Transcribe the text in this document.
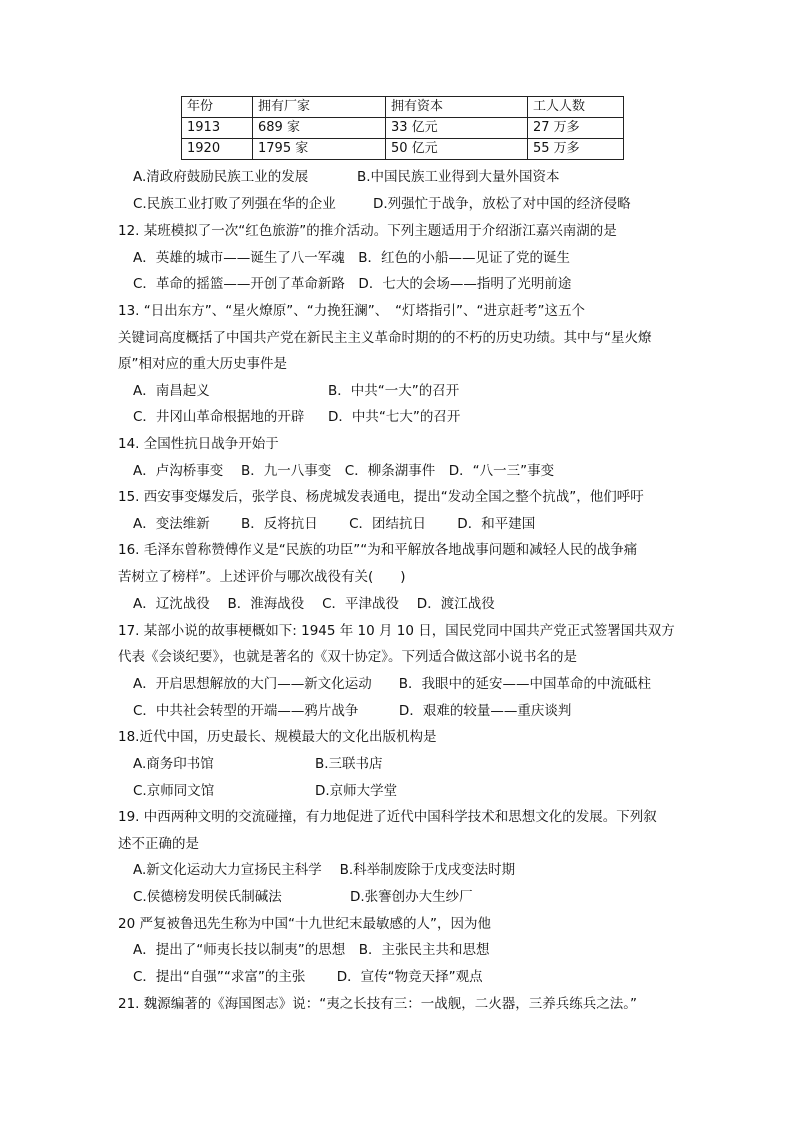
年份	拥有厂家	拥有资本	工人人数
1913	689 家	33 亿元	27 万多
1920	1795 家	50 亿元	55 万多
A.清政府鼓励民族工业的发展	B.中国民族工业得到大量外国资本
C.民族工业打败了列强在华的企业	D.列强忙于战争，放松了对中国的经济侵略
12. 某班模拟了一次“红色旅游”的推介活动。下列主题适用于介绍浙江嘉兴南湖的是
A．英雄的城市——诞生了八一军魂　B．红色的小船——见证了党的诞生
C．革命的摇篮——开创了革命新路　D．七大的会场——指明了光明前途
13. “日出东方”、“星火燎原”、“力挽狂澜”、　“灯塔指引”、“进京赶考”这五个
关键词高度概括了中国共产党在新民主主义革命时期的的不朽的历史功绩。其中与“星火燎
原”相对应的重大历史事件是
A．南昌起义	B．中共“一大”的召开
C．井冈山革命根据地的开辟 D．中共“七大”的召开
14. 全国性抗日战争开始于
A．卢沟桥事变　 B．九一八事变　C．柳条湖事件　D．“八一三”事变
15. 西安事变爆发后，张学良、杨虎城发表通电，提出“发动全国之整个抗战”，他们呼吁
A．变法维新　　 B．反将抗日　　 C．团结抗日　　 D．和平建国
16. 毛泽东曾称赞傅作义是“民族的功臣”“为和平解放各地战事问题和减轻人民的战争痛
苦树立了榜样”。上述评价与哪次战役有关(　　)
A．辽沈战役　 B．淮海战役　 C．平津战役　 D．渡江战役
17. 某部小说的故事梗概如下: 1945 年 10 月 10 日，国民党同中国共产党正式签署国共双方
代表《会谈纪要》，也就是著名的《双十协定》。下列适合做这部小说书名的是
A．开启思想解放的大门——新文化运动　　B．我眼中的延安——中国革命的中流砥柱
C．中共社会转型的开端——鸦片战争　　　D．艰难的较量——重庆谈判
18.近代中国，历史最长、规模最大的文化出版机构是
A.商务印书馆	B.三联书店
C.京师同文馆	D.京师大学堂
19. 中西两种文明的交流碰撞，有力地促进了近代中国科学技术和思想文化的发展。下列叙
述不正确的是
A.新文化运动大力宣扬民主科学　 B.科举制废除于戊戌变法时期
C.侯德榜发明侯氏制碱法	D.张謇创办大生纱厂
20 严复被鲁迅先生称为中国“十九世纪末最敏感的人”，因为他
A．提出了“师夷长技以制夷”的思想　B．主张民主共和思想
C．提出“自强”“求富”的主张　　 D．宣传“物竞天择”观点
21. 魏源编著的《海国图志》说：“夷之长技有三：一战舰，二火器，三养兵练兵之法。”
